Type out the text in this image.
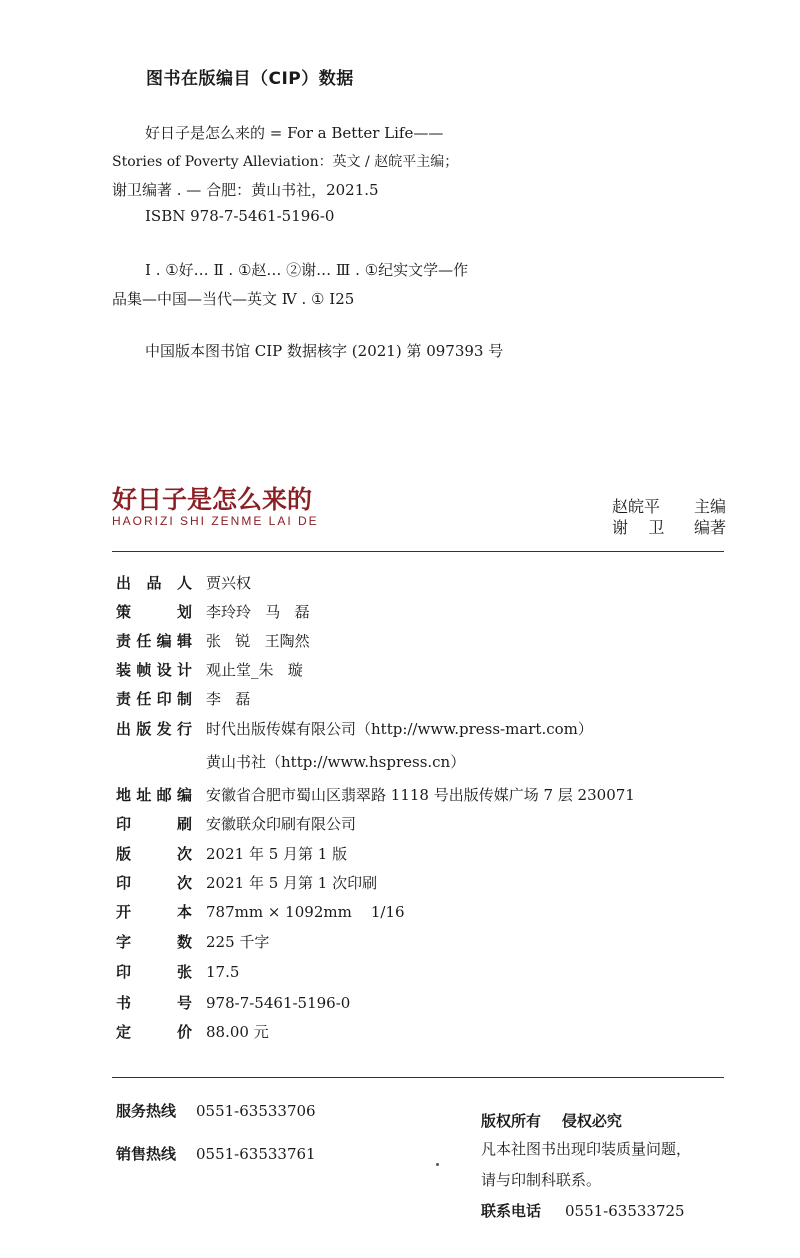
图书在版编目（CIP）数据
好日子是怎么来的 = For a Better Life——
Stories of Poverty Alleviation：英文 / 赵皖平主编；
谢卫编著 . — 合肥：黄山书社，2021.5
ISBN 978-7-5461-5196-0
Ⅰ . ①好… Ⅱ . ①赵… ②谢… Ⅲ . ①纪实文学—作
品集—中国—当代—英文 Ⅳ . ① I25
中国版本图书馆 CIP 数据核字 (2021) 第 097393 号
好日子是怎么来的
HAORIZI SHI ZENME LAI DE
赵皖平 主编
谢    卫 编著
出品人 贾兴权
策划 李玲玲   马   磊
责任编辑 张   锐   王陶然
装帧设计 观止堂_朱   璇
责任印制 李   磊
出版发行 时代出版传媒有限公司（http://www.press-mart.com）
黄山书社（http://www.hspress.cn）
地址邮编 安徽省合肥市蜀山区翡翠路 1118 号出版传媒广场 7 层 230071
印刷 安徽联众印刷有限公司
版次 2021 年 5 月第 1 版
印次 2021 年 5 月第 1 次印刷
开本 787mm × 1092mm    1/16
字数 225 千字
印张 17.5
书号 978-7-5461-5196-0
定价 88.00 元
服务热线 0551-63533706
销售热线 0551-63533761
版权所有    侵权必究
凡本社图书出现印装质量问题，
请与印制科联系。
联系电话 0551-63533725
